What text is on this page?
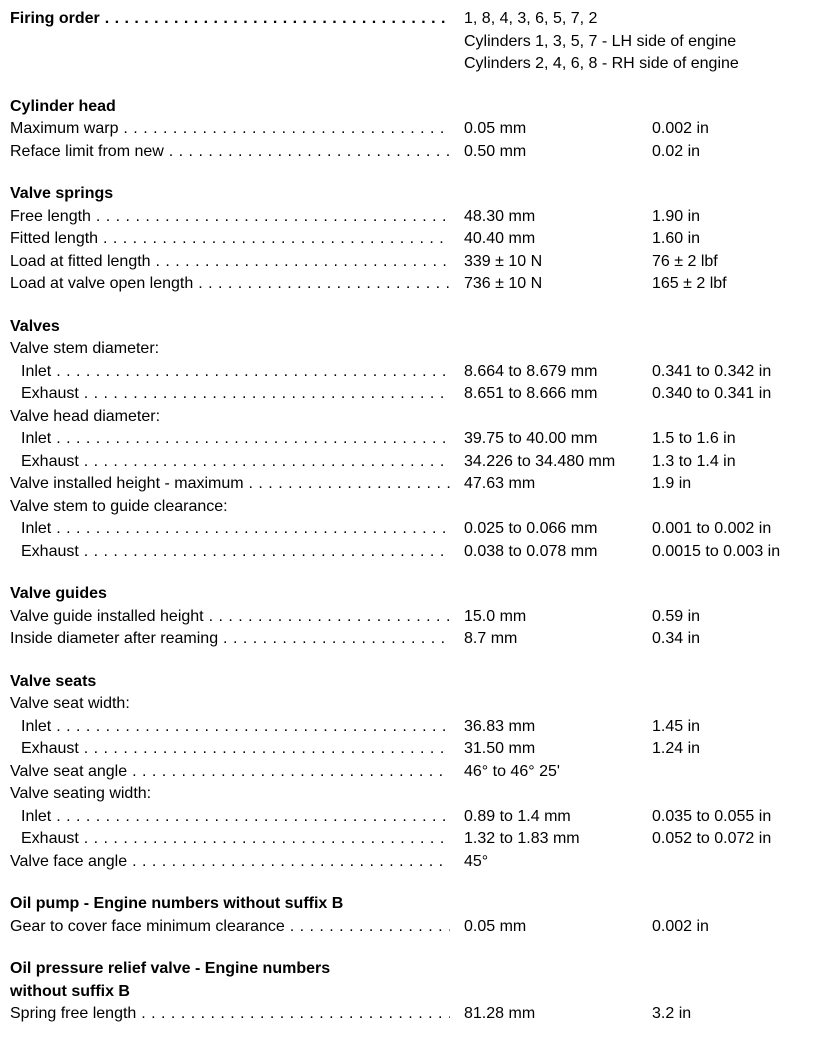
Firing order . . .	1, 8, 4, 3, 6, 5, 7, 2
Cylinders 1, 3, 5, 7 - LH side of engine
Cylinders 2, 4, 6, 8 - RH side of engine
Cylinder head
Maximum warp . . .	0.05 mm	0.002 in
Reface limit from new . . .	0.50 mm	0.02 in
Valve springs
Free length . . .	48.30 mm	1.90 in
Fitted length . . .	40.40 mm	1.60 in
Load at fitted length . . .	339 ± 10 N	76 ± 2 lbf
Load at valve open length . . .	736 ± 10 N	165 ± 2 lbf
Valves
Valve stem diameter:
Inlet . . .	8.664 to 8.679 mm	0.341 to 0.342 in
Exhaust . . .	8.651 to 8.666 mm	0.340 to 0.341 in
Valve head diameter:
Inlet . . .	39.75 to 40.00 mm	1.5 to 1.6 in
Exhaust . . .	34.226 to 34.480 mm 1.3 to 1.4 in
Valve installed height - maximum . . .	47.63 mm	1.9 in
Valve stem to guide clearance:
Inlet . . .	0.025 to 0.066 mm	0.001 to 0.002 in
Exhaust . . .	0.038 to 0.078 mm	0.0015 to 0.003 in
Valve guides
Valve guide installed height . . .	15.0 mm	0.59 in
Inside diameter after reaming . . .	8.7 mm	0.34 in
Valve seats
Valve seat width:
Inlet . . .	36.83 mm	1.45 in
Exhaust . . .	31.50 mm	1.24 in
Valve seat angle . . .	46° to 46° 25'
Valve seating width:
Inlet . . .	0.89 to 1.4 mm	0.035 to 0.055 in
Exhaust . . .	1.32 to 1.83 mm	0.052 to 0.072 in
Valve face angle . . .	45°
Oil pump - Engine numbers without suffix B
Gear to cover face minimum clearance . . .	0.05 mm	0.002 in
Oil pressure relief valve - Engine numbers
without suffix B
Spring free length . . .	81.28 mm	3.2 in
